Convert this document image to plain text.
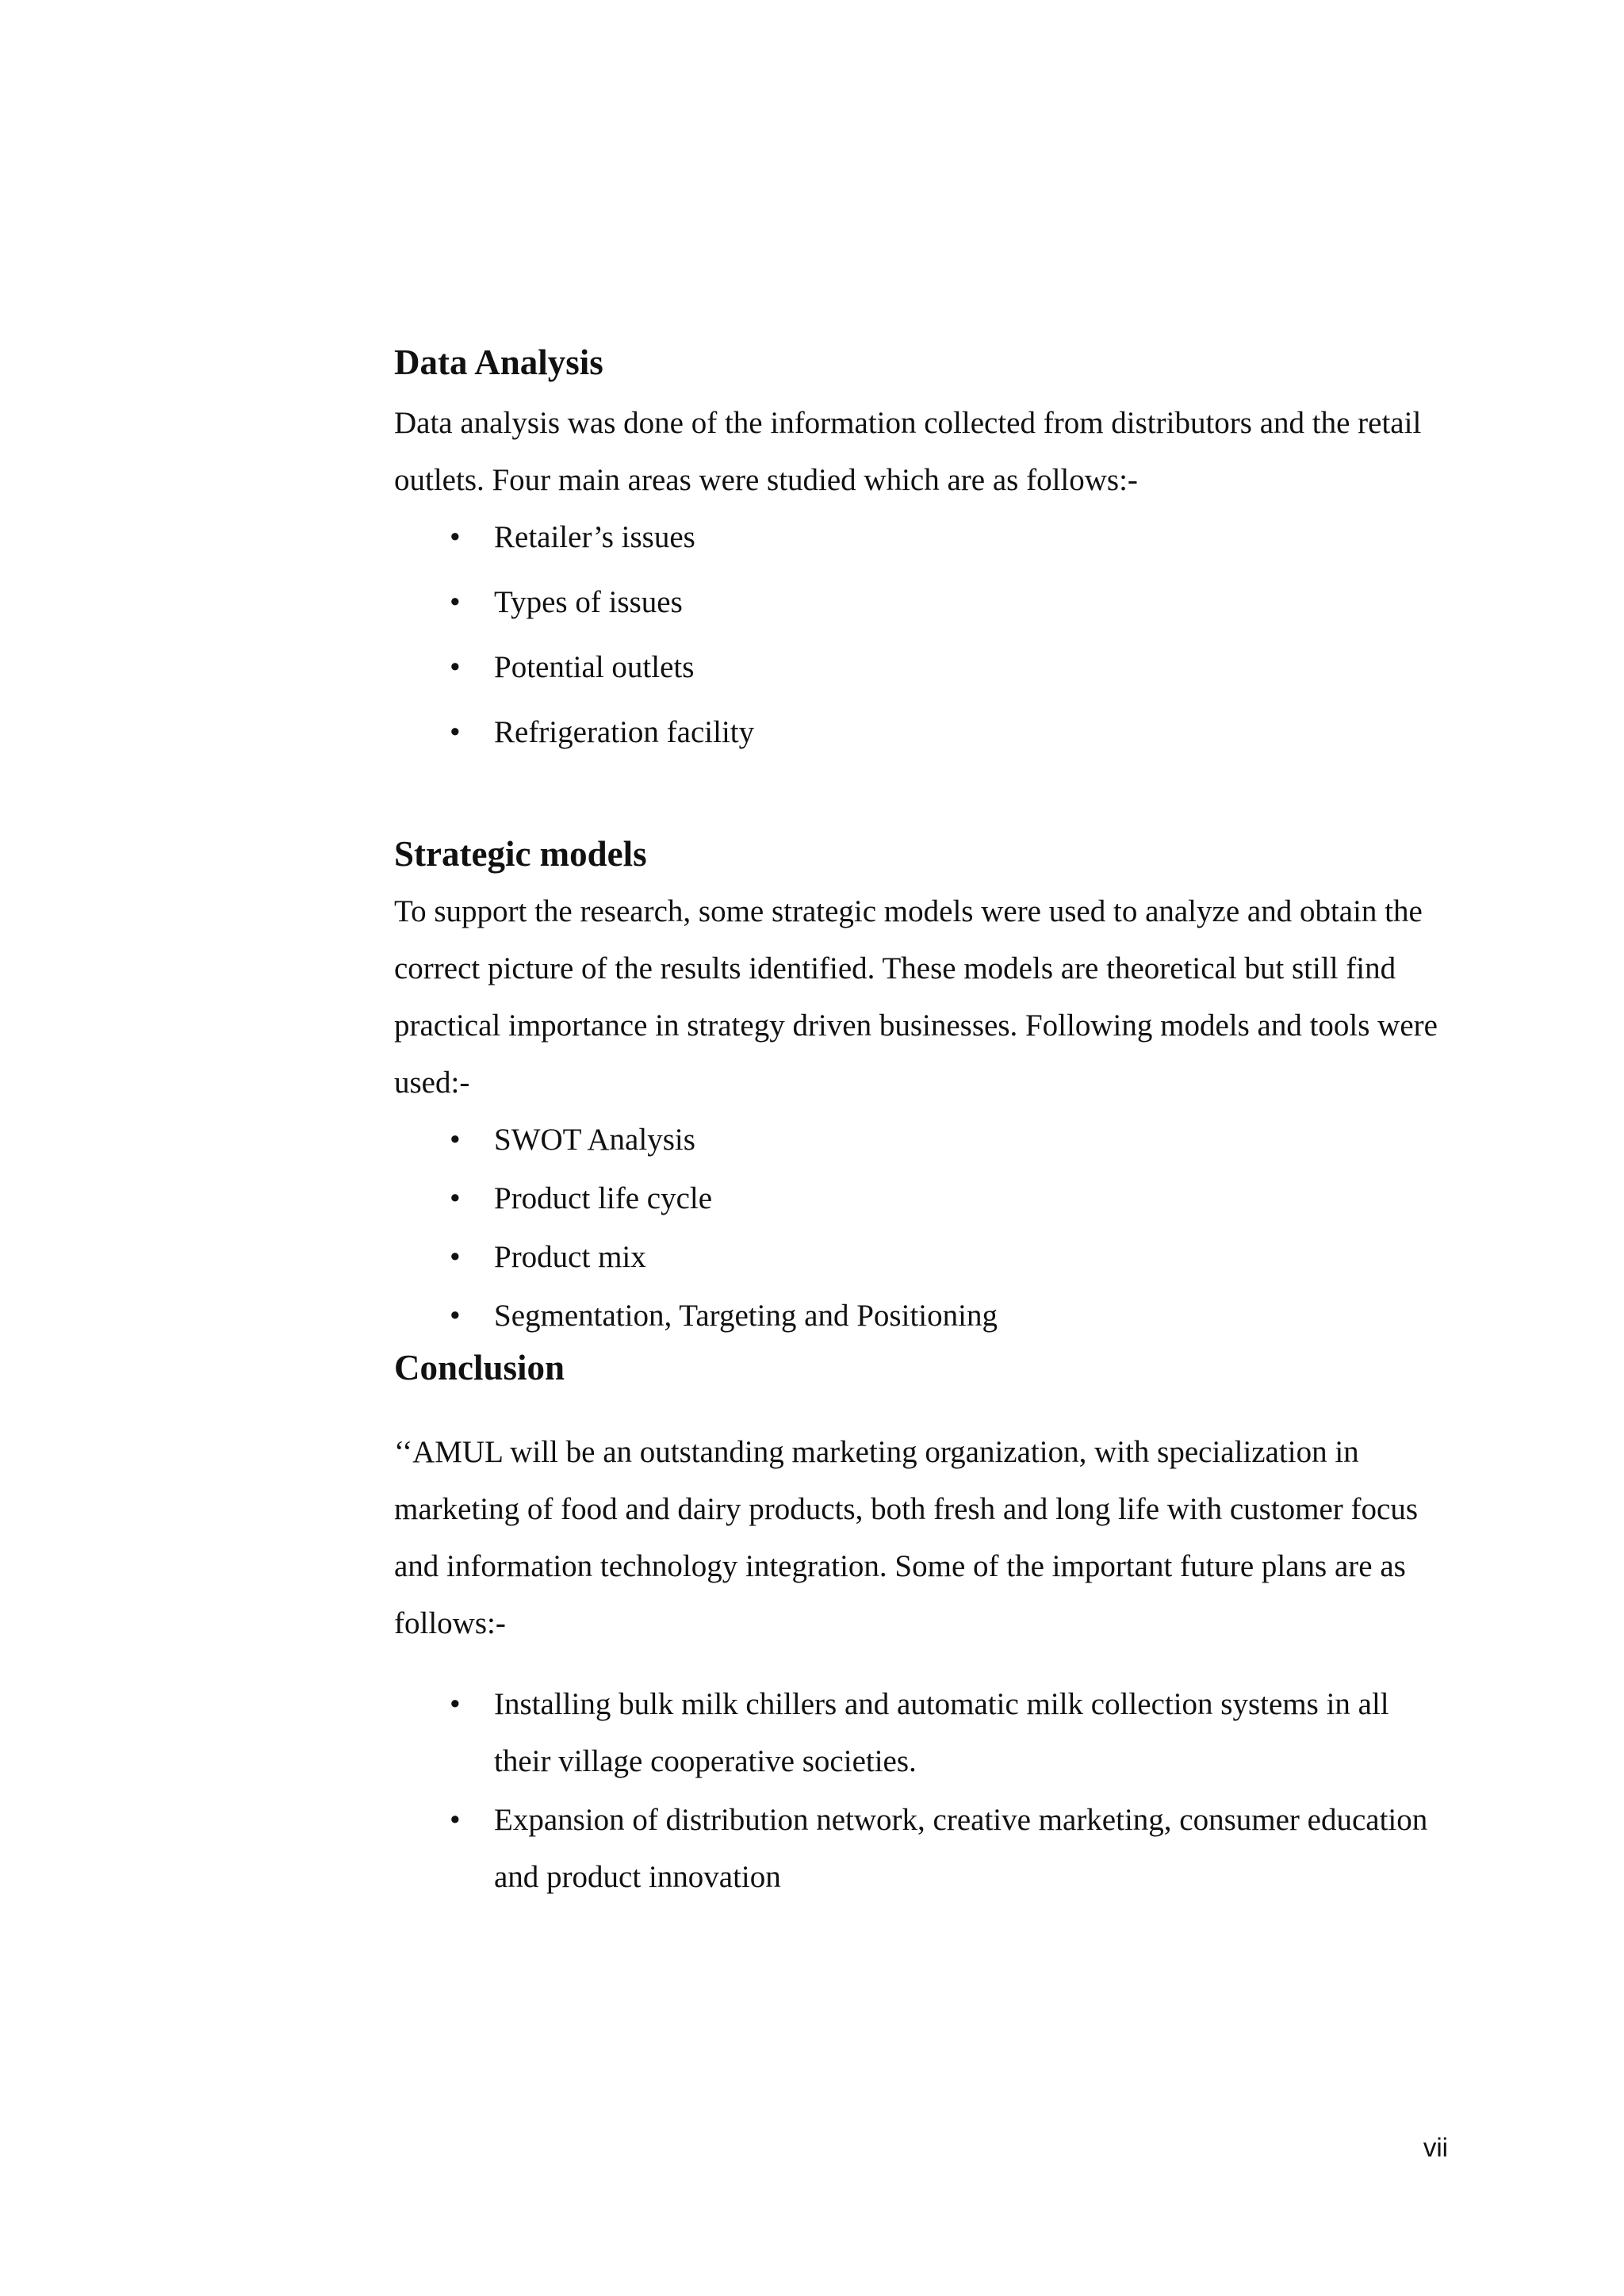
Data Analysis

Data analysis was done of the information collected from distributors and the retail outlets. Four main areas were studied which are as follows:-

• Retailer’s issues
• Types of issues
• Potential outlets
• Refrigeration facility
Strategic models

To support the research, some strategic models were used to analyze and obtain the correct picture of the results identified. These models are theoretical but still find practical importance in strategy driven businesses. Following models and tools were used:-

• SWOT Analysis
• Product life cycle
• Product mix
• Segmentation, Targeting and Positioning
Conclusion

‘‘AMUL will be an outstanding marketing organization, with specialization in marketing of food and dairy products, both fresh and long life with customer focus and information technology integration. Some of the important future plans are as follows:-

• Installing bulk milk chillers and automatic milk collection systems in all their village cooperative societies.
• Expansion of distribution network, creative marketing, consumer education and product innovation
vii
